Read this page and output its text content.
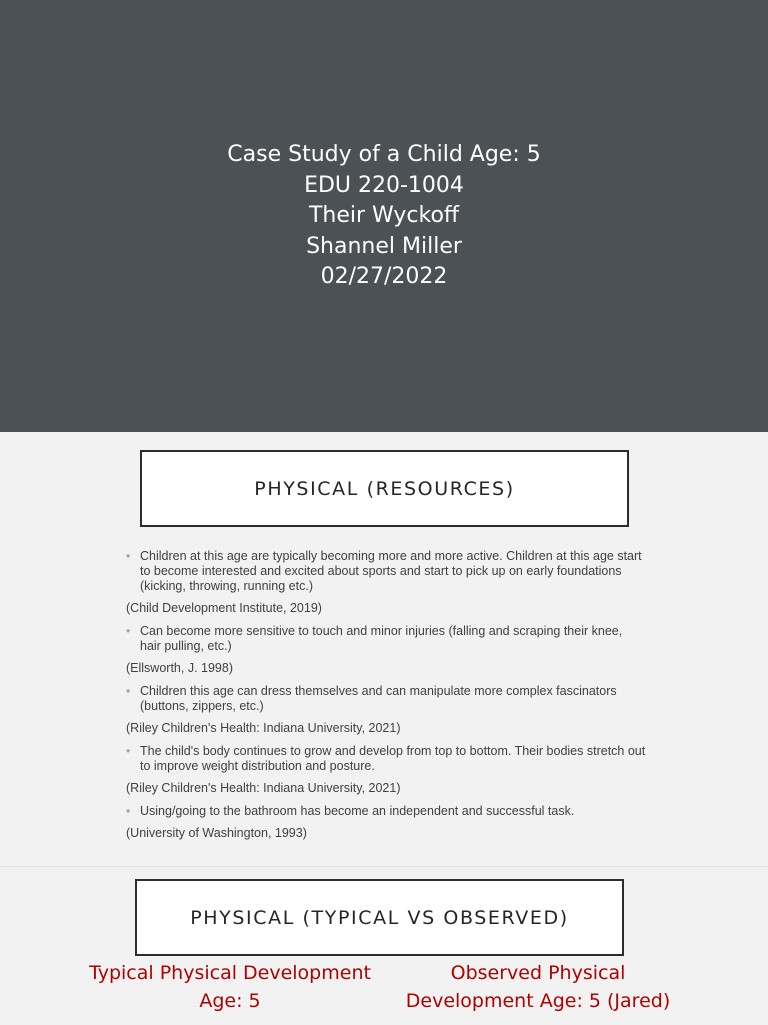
Case Study of a Child Age: 5
EDU 220-1004
Their Wyckoff
Shannel Miller
02/27/2022
PHYSICAL (RESOURCES)
• Children at this age are typically becoming more and more active. Children at this age start to become interested and excited about sports and start to pick up on early foundations (kicking, throwing, running etc.)
(Child Development Institute, 2019)
• Can become more sensitive to touch and minor injuries (falling and scraping their knee, hair pulling, etc.)
(Ellsworth, J. 1998)
• Children this age can dress themselves and can manipulate more complex fascinators (buttons, zippers, etc.)
(Riley Children's Health: Indiana University, 2021)
• The child's body continues to grow and develop from top to bottom. Their bodies stretch out to improve weight distribution and posture.
(Riley Children's Health: Indiana University, 2021)
• Using/going to the bathroom has become an independent and successful task.
(University of Washington, 1993)
PHYSICAL (TYPICAL VS OBSERVED)
Typical Physical Development Age: 5
Observed Physical Development Age: 5 (Jared)
